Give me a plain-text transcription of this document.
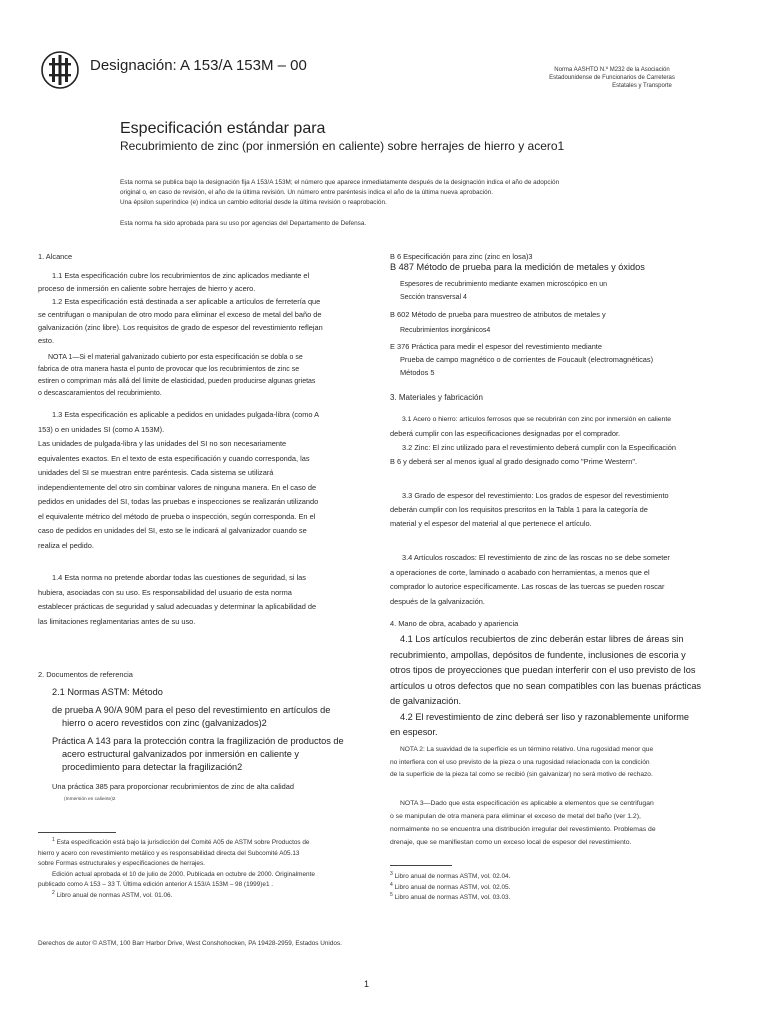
Designación: A 153/A 153M – 00	Norma AASHTO N.º M232 de la Asociación
Estadounidense de Funcionarios de Carreteras
Estatales y Transporte
Especificación estándar para
Recubrimiento de zinc (por inmersión en caliente) sobre herrajes de hierro y acero1
Esta norma se publica bajo la designación fija A 153/A 153M; el número que aparece inmediatamente después de la designación indica el año de adopción
original o, en caso de revisión, el año de la última revisión. Un número entre paréntesis indica el año de la última nueva aprobación.
Una épsilon superíndice (e) indica un cambio editorial desde la última revisión o reaprobación.
Esta norma ha sido aprobada para su uso por agencias del Departamento de Defensa.

1. Alcance

1.1 Esta especificación cubre los recubrimientos de zinc aplicados mediante el

proceso de inmersión en caliente sobre herrajes de hierro y acero.

1.2 Esta especificación está destinada a ser aplicable a artículos de ferretería que

se centrifugan o manipulan de otro modo para eliminar el exceso de metal del baño de

galvanización (zinc libre). Los requisitos de grado de espesor del revestimiento reflejan

esto.

NOTA 1—Si el material galvanizado cubierto por esta especificación se dobla o se

fabrica de otra manera hasta el punto de provocar que los recubrimientos de zinc se

estiren o compriman más allá del límite de elasticidad, pueden producirse algunas grietas

o descascaramientos del recubrimiento.

1.3 Esta especificación es aplicable a pedidos en unidades pulgada-libra (como A

153) o en unidades SI (como A 153M).

Las unidades de pulgada-libra y las unidades del SI no son necesariamente

equivalentes exactos. En el texto de esta especificación y cuando corresponda, las

unidades del SI se muestran entre paréntesis. Cada sistema se utilizará

independientemente del otro sin combinar valores de ninguna manera. En el caso de

pedidos en unidades del SI, todas las pruebas e inspecciones se realizarán utilizando

el equivalente métrico del método de prueba o inspección, según corresponda. En el

caso de pedidos en unidades del SI, esto se le indicará al galvanizador cuando se

realiza el pedido.

1.4 Esta norma no pretende abordar todas las cuestiones de seguridad, si las

hubiera, asociadas con su uso. Es responsabilidad del usuario de esta norma

establecer prácticas de seguridad y salud adecuadas y determinar la aplicabilidad de

las limitaciones reglamentarias antes de su uso.

2. Documentos de referencia
2.1 Normas ASTM: Método
de prueba A 90/A 90M para el peso del revestimiento en artículos de
hierro o acero revestidos con zinc (galvanizados)2
Práctica A 143 para la protección contra la fragilización de productos de
acero estructural galvanizados por inmersión en caliente y
procedimiento para detectar la fragilización2
Una práctica 385 para proporcionar recubrimientos de zinc de alta calidad
(Inmersión en caliente)2

$^1$ Esta especificación está bajo la jurisdicción del Comité A05 de ASTM sobre Productos de

hierro y acero con revestimiento metálico y es responsabilidad directa del Subcomité A05.13

sobre Formas estructurales y especificaciones de herrajes.

Edición actual aprobada el 10 de julio de 2000. Publicada en octubre de 2000. Originalmente

publicado como A 153 – 33 T. Última edición anterior A 153/A 153M – 98 (1999)e1 .

$^2$ Libro anual de normas ASTM, vol. 01.06.

B 6 Especificación para zinc (zinc en losa)3

B 487 Método de prueba para la medición de metales y óxidos

Espesores de recubrimiento mediante examen microscópico en un

Sección transversal 4

B 602 Método de prueba para muestreo de atributos de metales y

Recubrimientos inorgánicos4

E 376 Práctica para medir el espesor del revestimiento mediante

Prueba de campo magnético o de corrientes de Foucault (electromagnéticas)

Métodos 5

3. Materiales y fabricación

3.1 Acero o hierro: artículos ferrosos que se recubrirán con zinc por inmersión en caliente

deberá cumplir con las especificaciones designadas por el comprador.

3.2 Zinc: El zinc utilizado para el revestimiento deberá cumplir con la Especificación

B 6 y deberá ser al menos igual al grado designado como "Prime Western".

3.3 Grado de espesor del revestimiento: Los grados de espesor del revestimiento

deberán cumplir con los requisitos prescritos en la Tabla 1 para la categoría de

material y el espesor del material al que pertenece el artículo.

3.4 Artículos roscados: El revestimiento de zinc de las roscas no se debe someter

a operaciones de corte, laminado o acabado con herramientas, a menos que el

comprador lo autorice específicamente. Las roscas de las tuercas se pueden roscar

después de la galvanización.

4. Mano de obra, acabado y apariencia
4.1 Los artículos recubiertos de zinc deberán estar libres de áreas sin
recubrimiento, ampollas, depósitos de fundente, inclusiones de escoria y
otros tipos de proyecciones que puedan interferir con el uso previsto de los
artículos u otros defectos que no sean compatibles con las buenas prácticas
de galvanización.
4.2 El revestimiento de zinc deberá ser liso y razonablemente uniforme
en espesor.

NOTA 2: La suavidad de la superficie es un término relativo. Una rugosidad menor que

no interfiera con el uso previsto de la pieza o una rugosidad relacionada con la condición

de la superficie de la pieza tal como se recibió (sin galvanizar) no será motivo de rechazo.

NOTA 3—Dado que esta especificación es aplicable a elementos que se centrifugan

o se manipulan de otra manera para eliminar el exceso de metal del baño (ver 1.2),

normalmente no se encuentra una distribución irregular del revestimiento. Problemas de

drenaje, que se manifiestan como un exceso local de espesor del revestimiento.

$^3$ Libro anual de normas ASTM, vol. 02.04.

$^4$ Libro anual de normas ASTM, vol. 02.05.

$^5$ Libro anual de normas ASTM, vol. 03.03.

Derechos de autor © ASTM, 100 Barr Harbor Drive, West Conshohocken, PA 19428-2959, Estados Unidos.
1
